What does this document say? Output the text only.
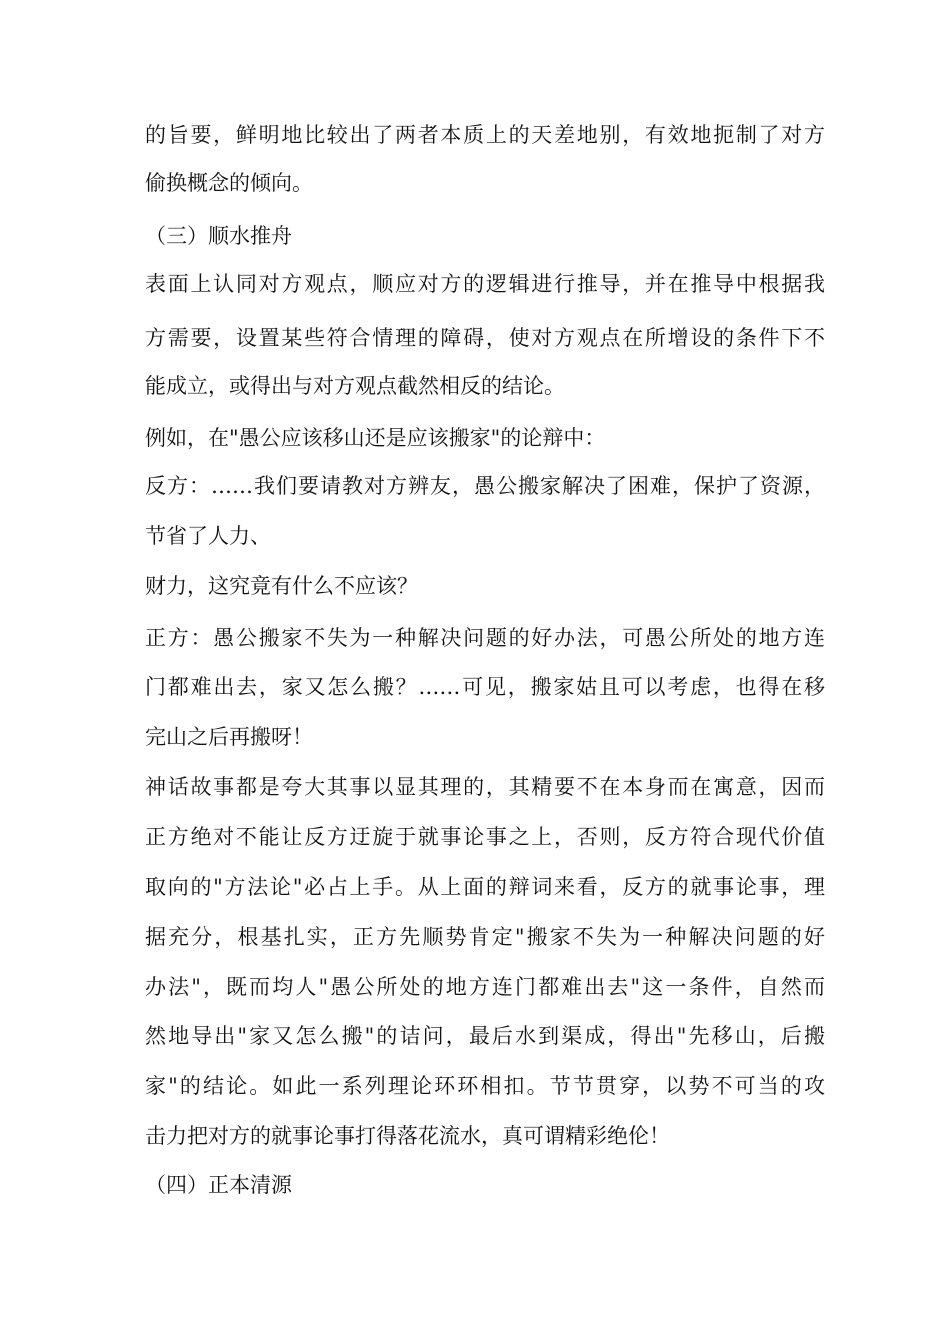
的旨要，鲜明地比较出了两者本质上的天差地别，有效地扼制了对方

偷换概念的倾向。

（三）顺水推舟

表面上认同对方观点，顺应对方的逻辑进行推导，并在推导中根据我

方需要，设置某些符合情理的障碍，使对方观点在所增设的条件下不

能成立，或得出与对方观点截然相反的结论。

例如，在"愚公应该移山还是应该搬家"的论辩中：

反方：……我们要请教对方辨友，愚公搬家解决了困难，保护了资源，

节省了人力、

财力，这究竟有什么不应该？

正方：愚公搬家不失为一种解决问题的好办法，可愚公所处的地方连

门都难出去，家又怎么搬？……可见，搬家姑且可以考虑，也得在移

完山之后再搬呀！

神话故事都是夸大其事以显其理的，其精要不在本身而在寓意，因而

正方绝对不能让反方迂旋于就事论事之上，否则，反方符合现代价值

取向的"方法论"必占上手。从上面的辩词来看，反方的就事论事，理

据充分，根基扎实，正方先顺势肯定"搬家不失为一种解决问题的好

办法"，既而均人"愚公所处的地方连门都难出去"这一条件，自然而

然地导出"家又怎么搬"的诘问，最后水到渠成，得出"先移山，后搬

家"的结论。如此一系列理论环环相扣。节节贯穿，以势不可当的攻

击力把对方的就事论事打得落花流水，真可谓精彩绝伦！

（四）正本清源
